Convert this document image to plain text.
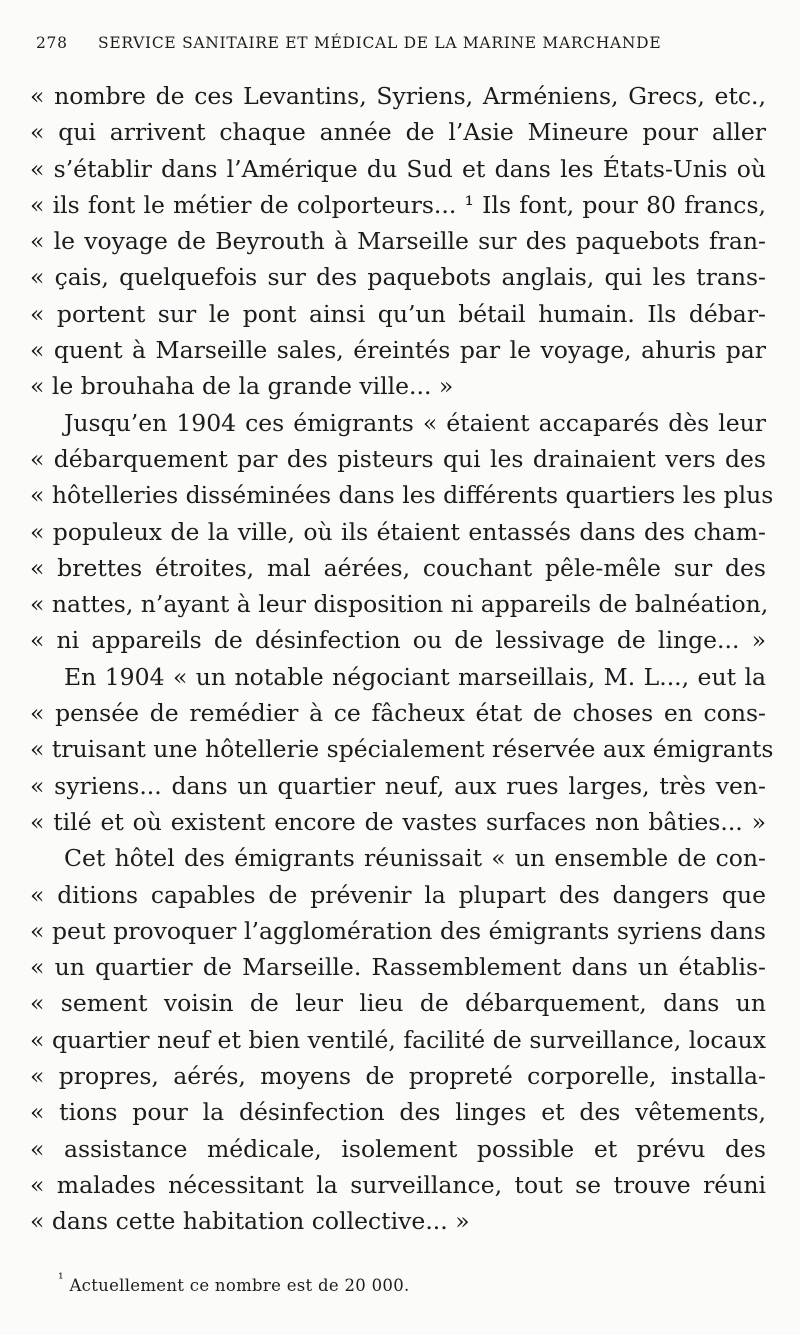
278 SERVICE SANITAIRE ET MÉDICAL DE LA MARINE MARCHANDE
« nombre de ces Levantins, Syriens, Arméniens, Grecs, etc.,
« qui arrivent chaque année de l’Asie Mineure pour aller
« s’établir dans l’Amérique du Sud et dans les États-Unis où
« ils font le métier de colporteurs... ¹ Ils font, pour 80 francs,
« le voyage de Beyrouth à Marseille sur des paquebots fran-
« çais, quelquefois sur des paquebots anglais, qui les trans-
« portent sur le pont ainsi qu’un bétail humain. Ils débar-
« quent à Marseille sales, éreintés par le voyage, ahuris par
« le brouhaha de la grande ville... »
Jusqu’en 1904 ces émigrants « étaient accaparés dès leur
« débarquement par des pisteurs qui les drainaient vers des
« hôtelleries disséminées dans les différents quartiers les plus
« populeux de la ville, où ils étaient entassés dans des cham-
« brettes étroites, mal aérées, couchant pêle-mêle sur des
« nattes, n’ayant à leur disposition ni appareils de balnéation,
« ni appareils de désinfection ou de lessivage de linge... »
En 1904 « un notable négociant marseillais, M. L..., eut la
« pensée de remédier à ce fâcheux état de choses en cons-
« truisant une hôtellerie spécialement réservée aux émigrants
« syriens... dans un quartier neuf, aux rues larges, très ven-
« tilé et où existent encore de vastes surfaces non bâties... »
Cet hôtel des émigrants réunissait « un ensemble de con-
« ditions capables de prévenir la plupart des dangers que
« peut provoquer l’agglomération des émigrants syriens dans
« un quartier de Marseille. Rassemblement dans un établis-
« sement voisin de leur lieu de débarquement, dans un
« quartier neuf et bien ventilé, facilité de surveillance, locaux
« propres, aérés, moyens de propreté corporelle, installa-
« tions pour la désinfection des linges et des vêtements,
« assistance médicale, isolement possible et prévu des
« malades nécessitant la surveillance, tout se trouve réuni
« dans cette habitation collective... »
$^{^1}$ Actuellement ce nombre est de 20 000.
